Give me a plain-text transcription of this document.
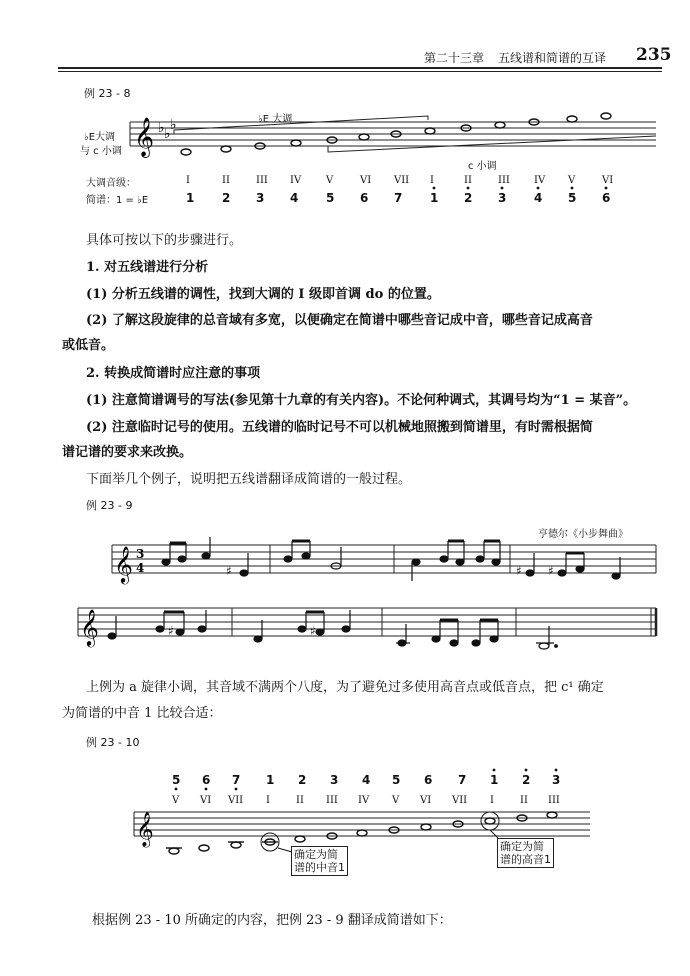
第二十三章 五线谱和简谱的互译 235
例 23 - 8
♭E大调
与 c 小调
♭E 大调
c 小调
𝄞 ♭ ♭
♭
大调音级：
简谱：1 = ♭E
I	II	III IV V	VI VII I	II	III IV V	VI
1 2 3 4 5 6 7 1 2 3 4 5 6
具体可按以下的步骤进行。
1. 对五线谱进行分析
(1) 分析五线谱的调性，找到大调的 I 级即首调 do 的位置。
(2) 了解这段旋律的总音域有多宽，以便确定在简谱中哪些音记成中音，哪些音记成高音
或低音。
2. 转换成简谱时应注意的事项
(1) 注意简谱调号的写法(参见第十九章的有关内容)。不论何种调式，其调号均为“1 = 某音”。
(2) 注意临时记号的使用。五线谱的临时记号不可以机械地照搬到简谱里，有时需根据简
谱记谱的要求来改换。
下面举几个例子，说明把五线谱翻译成简谱的一般过程。
例 23 - 9
亨德尔《小步舞曲》
𝄞 3
4	♯	♯ ♯
𝄞	♯	♯
上例为 a 旋律小调，其音域不满两个八度，为了避免过多使用高音点或低音点，把 c¹ 确定
为简谱的中音 1 比较合适：
例 23 - 10
5 6 7 1 2 3 4 5 6 7 1 2 3
V VI VII I	II III IV V VI VII I	II III
𝄞
确定为简
谱的中音1
确定为简
谱的高音1
根据例 23 - 10 所确定的内容，把例 23 - 9 翻译成简谱如下：
